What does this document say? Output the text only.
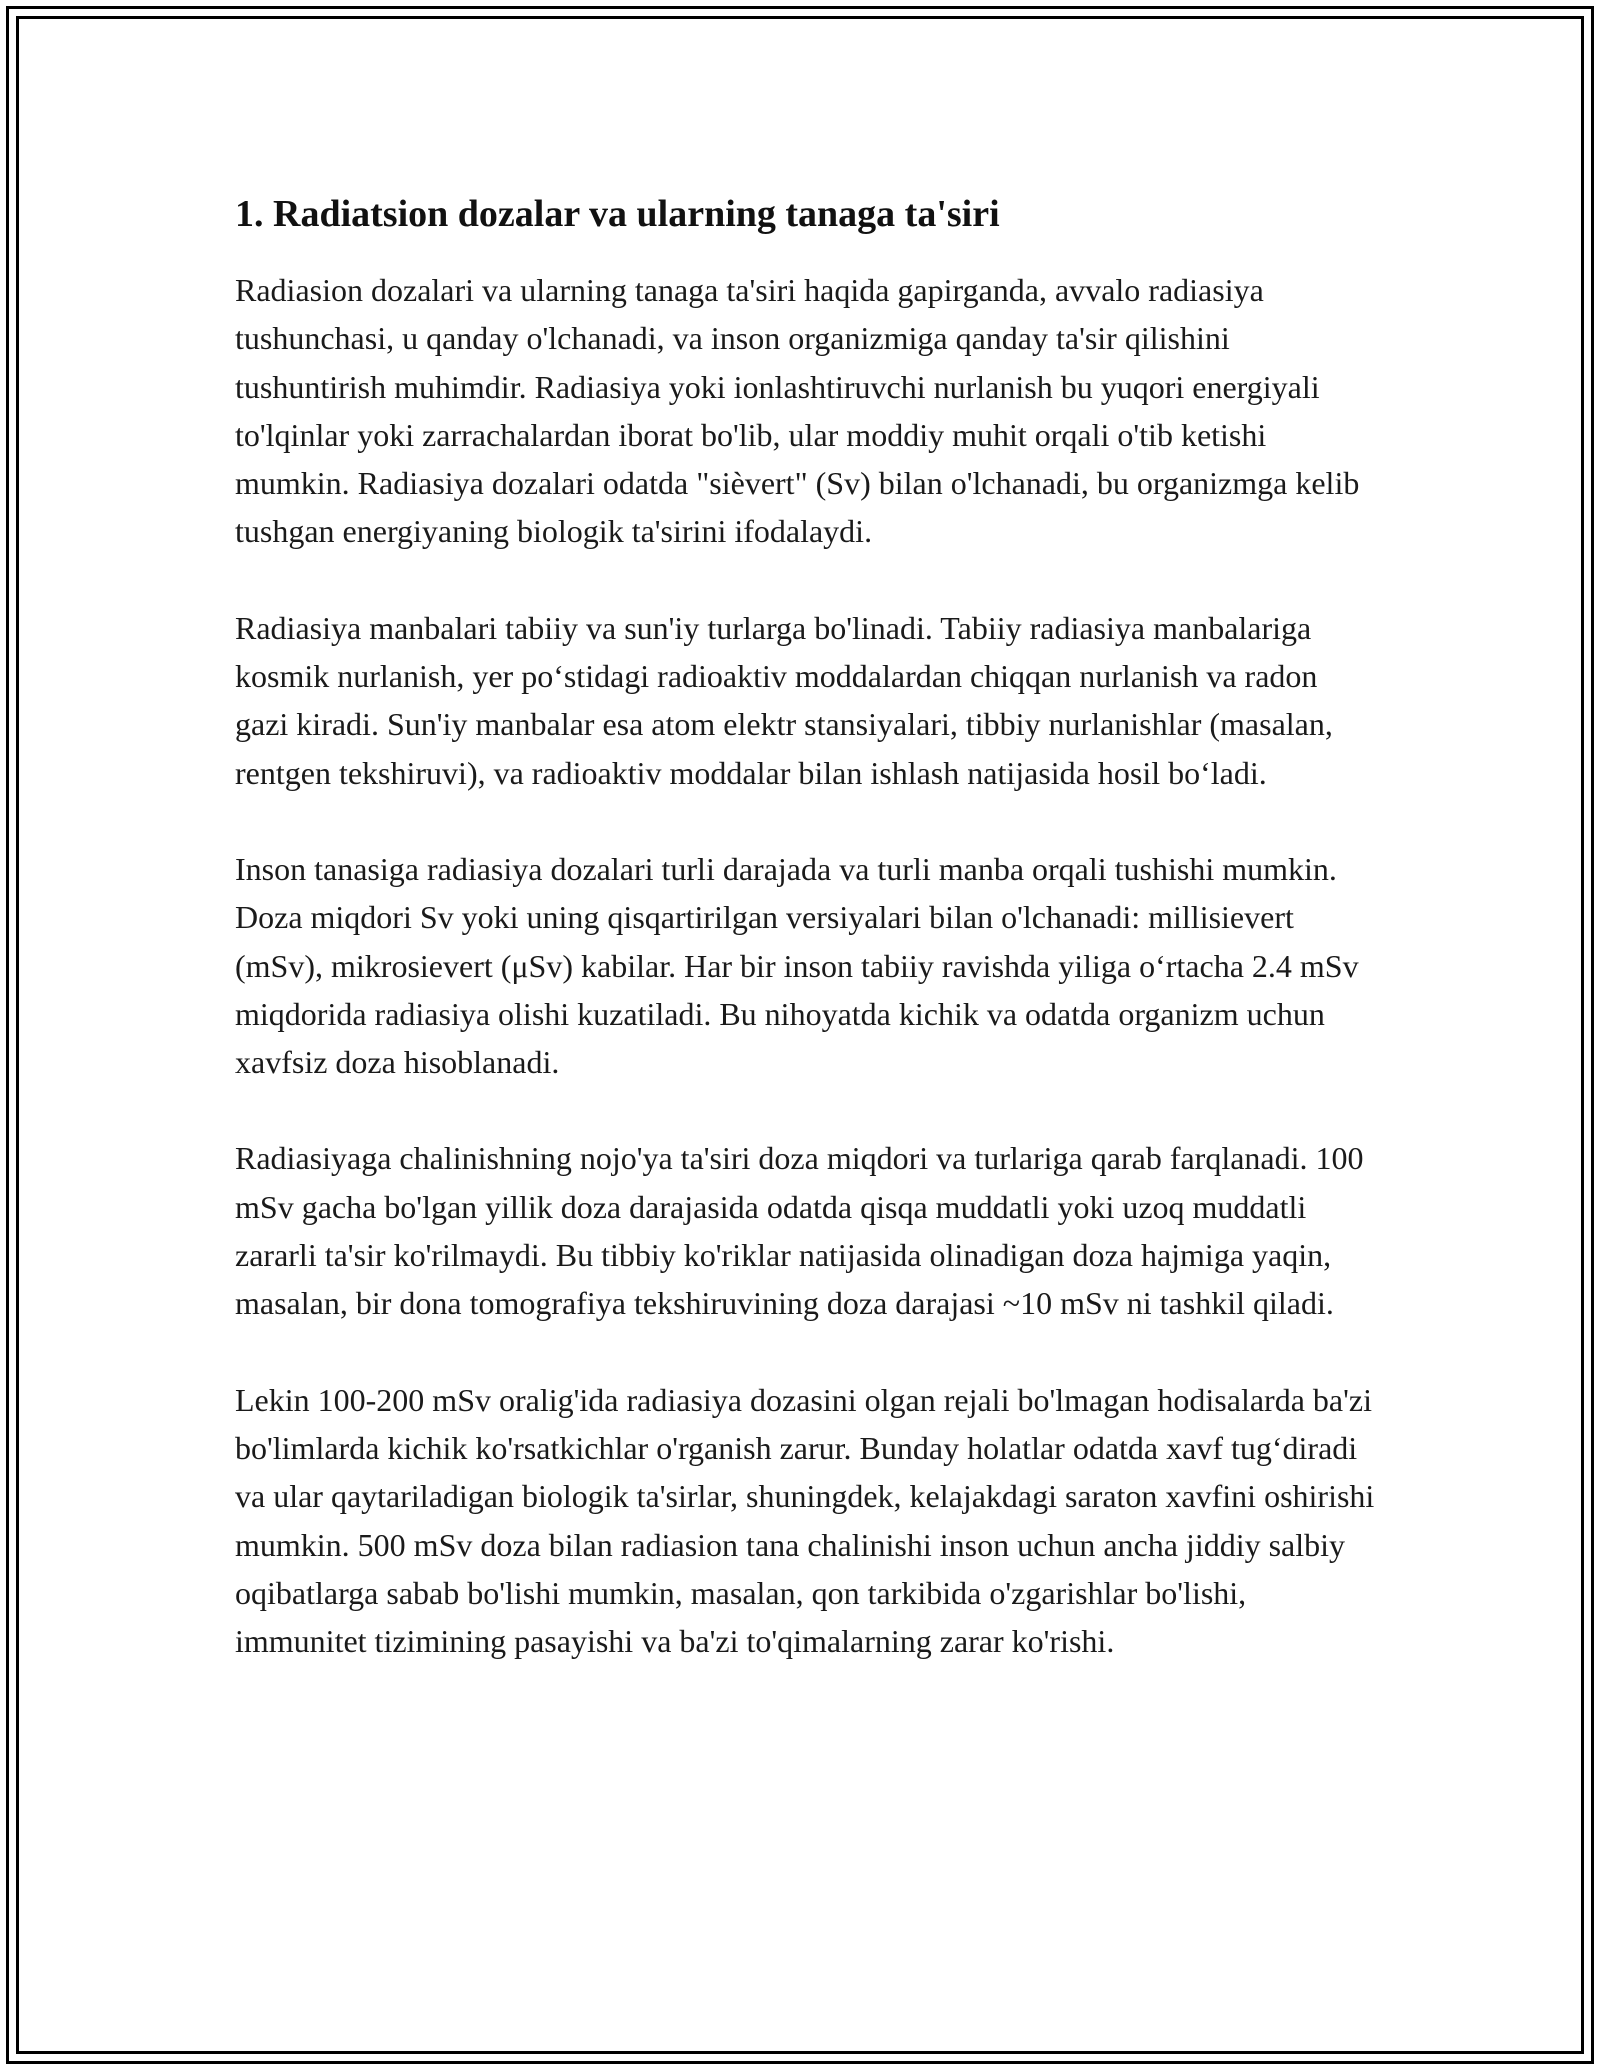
1. Radiatsion dozalar va ularning tanaga ta'siri

Radiasion dozalari va ularning tanaga ta'siri haqida gapirganda, avvalo radiasiya tushunchasi, u qanday o'lchanadi, va inson organizmiga qanday ta'sir qilishini tushuntirish muhimdir. Radiasiya yoki ionlashtiruvchi nurlanish bu yuqori energiyali to'lqinlar yoki zarrachalardan iborat bo'lib, ular moddiy muhit orqali o'tib ketishi mumkin. Radiasiya dozalari odatda "sièvert" (Sv) bilan o'lchanadi, bu organizmga kelib tushgan energiyaning biologik ta'sirini ifodalaydi.

Radiasiya manbalari tabiiy va sun'iy turlarga bo'linadi. Tabiiy radiasiya manbalariga kosmik nurlanish, yer po‘stidagi radioaktiv moddalardan chiqqan nurlanish va radon gazi kiradi. Sun'iy manbalar esa atom elektr stansiyalari, tibbiy nurlanishlar (masalan, rentgen tekshiruvi), va radioaktiv moddalar bilan ishlash natijasida hosil bo‘ladi.

Inson tanasiga radiasiya dozalari turli darajada va turli manba orqali tushishi mumkin. Doza miqdori Sv yoki uning qisqartirilgan versiyalari bilan o'lchanadi: millisievert (mSv), mikrosievert (μSv) kabilar. Har bir inson tabiiy ravishda yiliga o‘rtacha 2.4 mSv miqdorida radiasiya olishi kuzatiladi. Bu nihoyatda kichik va odatda organizm uchun xavfsiz doza hisoblanadi.

Radiasiyaga chalinishning nojo'ya ta'siri doza miqdori va turlariga qarab farqlanadi. 100 mSv gacha bo'lgan yillik doza darajasida odatda qisqa muddatli yoki uzoq muddatli zararli ta'sir ko'rilmaydi. Bu tibbiy ko'riklar natijasida olinadigan doza hajmiga yaqin, masalan, bir dona tomografiya tekshiruvining doza darajasi ~10 mSv ni tashkil qiladi.

Lekin 100-200 mSv oralig'ida radiasiya dozasini olgan rejali bo'lmagan hodisalarda ba'zi bo'limlarda kichik ko'rsatkichlar o'rganish zarur. Bunday holatlar odatda xavf tug‘diradi va ular qaytariladigan biologik ta'sirlar, shuningdek, kelajakdagi saraton xavfini oshirishi mumkin. 500 mSv doza bilan radiasion tana chalinishi inson uchun ancha jiddiy salbiy oqibatlarga sabab bo'lishi mumkin, masalan, qon tarkibida o'zgarishlar bo'lishi, immunitet tizimining pasayishi va ba'zi to'qimalarning zarar ko'rishi.
